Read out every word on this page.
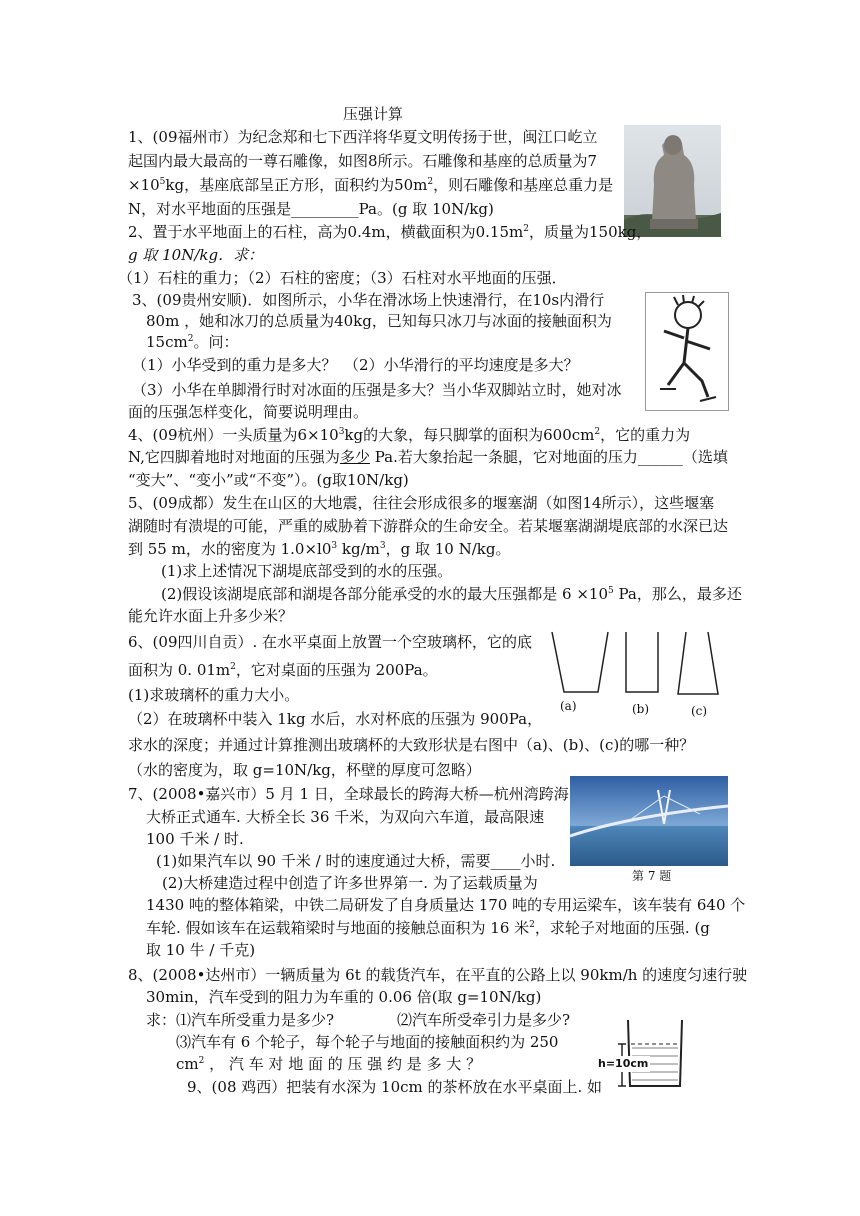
压强计算
1、(09福州市）为纪念郑和七下西洋将华夏文明传扬于世，闽江口屹立
起国内最大最高的一尊石雕像，如图8所示。石雕像和基座的总质量为7
$\times 10^5kg$，基座底部呈正方形，面积约为$50m^2$，则石雕像和基座总重力是
N，对水平地面的压强是_________Pa。(g 取 10N/kg)
2、置于水平地面上的石柱，高为0.4m，横截面积为$0.15m^2$，质量为150kg，
g 取 10N/kg．求：
（1）石柱的重力；（2）石柱的密度；（3）石柱对水平地面的压强．
3、(09贵州安顺)．如图所示，小华在滑冰场上快速滑行，在10s内滑行
80m ，她和冰刀的总质量为40kg，已知每只冰刀与冰面的接触面积为
$15cm^2$。问：
（1）小华受到的重力是多大？　（2）小华滑行的平均速度是多大？
（3）小华在单脚滑行时对冰面的压强是多大？当小华双脚站立时，她对冰
面的压强怎样变化，简要说明理由。
4、(09杭州）一头质量为$6\times 10^3kg$的大象，每只脚掌的面积为$600cm^2$，它的重力为
N,它四脚着地时对地面的压强为多少 Pa.若大象抬起一条腿，它对地面的压力______（选填
“变大”、“变小”或“不变”）。(g取10N/kg)
5、(09成都）发生在山区的大地震，往往会形成很多的堰塞湖（如图14所示），这些堰塞
湖随时有溃堤的可能，严重的威胁着下游群众的生命安全。若某堰塞湖湖堤底部的水深已达
到 55 m，水的密度为 $1.0\times l0^3$ $kg/m^3$，g 取 10 N/kg。
(1)求上述情况下湖堤底部受到的水的压强。
(2)假设该湖堤底部和湖堤各部分能承受的水的最大压强都是 $6 \times 10^5$ Pa，那么，最多还
能允许水面上升多少米？
6、(09四川自贡）. 在水平桌面上放置一个空玻璃杯，它的底
面积为 0. $01m^2$，它对桌面的压强为 200Pa。
(1)求玻璃杯的重力大小。
（2）在玻璃杯中装入 1kg 水后，水对杯底的压强为 900Pa，
求水的深度；并通过计算推测出玻璃杯的大致形状是右图中（a)、(b)、(c)的哪一种？
（水的密度为，取 g=10N/kg，杯壁的厚度可忽略）
(a)	(b)	(c)
7、(2008•嘉兴市）5 月 1 日，全球最长的跨海大桥—杭州湾跨海
大桥正式通车. 大桥全长 36 千米，为双向六车道，最高限速
100 千米 / 时.
(1)如果汽车以 90 千米 / 时的速度通过大桥，需要____小时.
(2)大桥建造过程中创造了许多世界第一. 为了运载质量为
1430 吨的整体箱梁，中铁二局研发了自身质量达 170 吨的专用运梁车，该车装有 640 个
车轮. 假如该车在运载箱梁时与地面的接触总面积为 16 米$^2$，求轮子对地面的压强. (g
取 10 牛 / 千克)
第 7 题
8、(2008•达州市）一辆质量为 6t 的载货汽车，在平直的公路上以 90km/h 的速度匀速行驶
30min，汽车受到的阻力为车重的 0.06 倍(取 g=10N/kg)
求：⑴汽车所受重力是多少?	⑵汽车所受牵引力是多少?
⑶汽车有 6 个轮子，每个轮子与地面的接触面积约为 250
$cm^2$ ， 汽 车 对 地 面 的 压 强 约 是 多 大 ？
9、(08 鸡西）把装有水深为 10cm 的茶杯放在水平桌面上. 如
h=10cm
